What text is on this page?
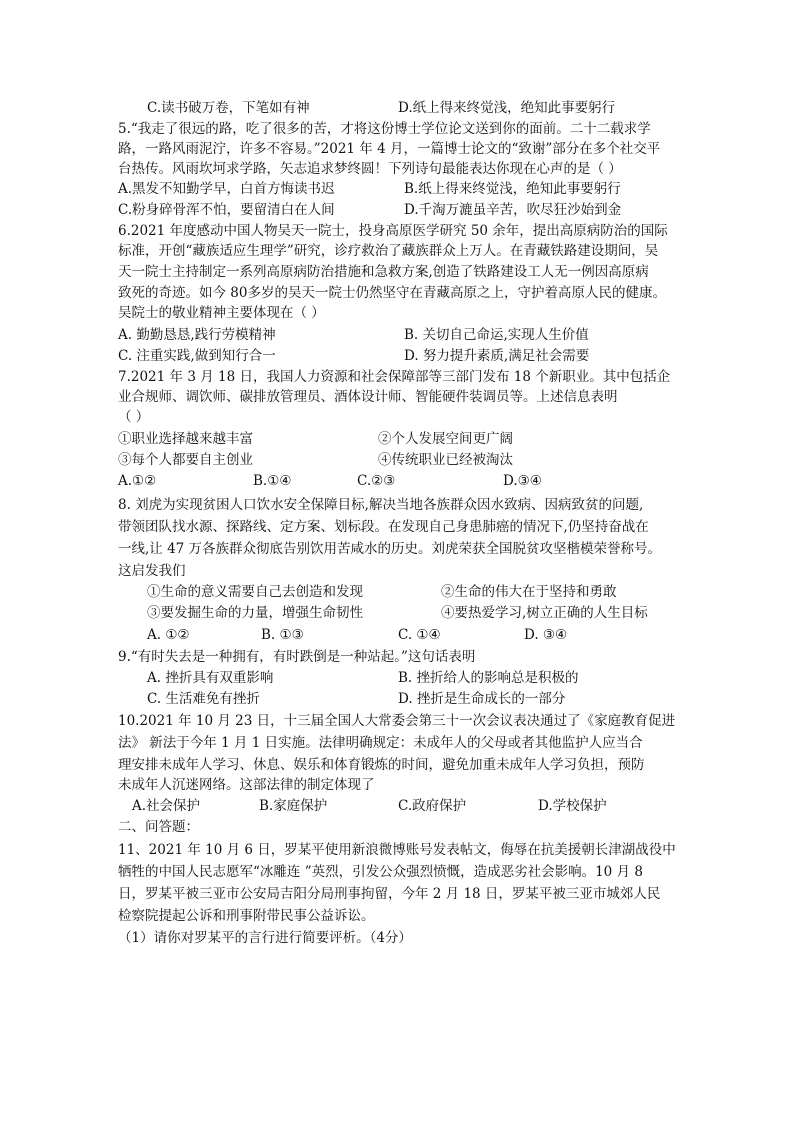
C.读书破万卷，下笔如有神	D.纸上得来终觉浅，绝知此事要躬行
5.“我走了很远的路，吃了很多的苦，才将这份博士学位论文送到你的面前。二十二载求学
路，一路风雨泥泞，许多不容易。”2021 年 4 月，一篇博士论文的“致谢”部分在多个社交平
台热传。风雨坎坷求学路，矢志追求梦终圆！下列诗句最能表达你现在心声的是（ ）
A.黑发不知勤学早，白首方悔读书迟	B.纸上得来终觉浅，绝知此事要躬行
C.粉身碎骨浑不怕，要留清白在人间	D.千淘万漉虽辛苦，吹尽狂沙始到金
6.2021 年度感动中国人物吴天一院士，投身高原医学研究 50 余年，提出高原病防治的国际
标准，开创“藏族适应生理学”研究，诊疗救治了藏族群众上万人。在青藏铁路建设期间，吴
天一院士主持制定一系列高原病防治措施和急救方案,创造了铁路建设工人无一例因高原病
致死的奇迹。如今 80多岁的吴天一院士仍然坚守在青藏高原之上，守护着高原人民的健康。
吴院士的敬业精神主要体现在（ ）
A. 勤勤恳恳,践行劳模精神	B. 关切自己命运,实现人生价值
C. 注重实践,做到知行合一	D. 努力提升素质,满足社会需要
7.2021 年 3 月 18 日，我国人力资源和社会保障部等三部门发布 18 个新职业。其中包括企
业合规师、调饮师、碳排放管理员、酒体设计师、智能硬件装调员等。上述信息表明
（ ）
①职业选择越来越丰富	②个人发展空间更广阔
③每个人都要自主创业	④传统职业已经被淘汰
A.①②	B.①④	C.②③	D.③④
8. 刘虎为实现贫困人口饮水安全保障目标,解决当地各族群众因水致病、因病致贫的问题,
带领团队找水源、探路线、定方案、划标段。在发现自己身患肺癌的情况下,仍坚持奋战在
一线,让 47 万各族群众彻底告别饮用苦咸水的历史。刘虎荣获全国脱贫攻坚楷模荣誉称号。
这启发我们
①生命的意义需要自己去创造和发现	②生命的伟大在于坚持和勇敢
③要发掘生命的力量，增强生命韧性	④要热爱学习,树立正确的人生目标
A. ①②	B. ①③	C. ①④	D. ③④
9.“有时失去是一种拥有，有时跌倒是一种站起。”这句话表明
A. 挫折具有双重影响	B. 挫折给人的影响总是积极的
C. 生活难免有挫折	D. 挫折是生命成长的一部分
10.2021 年 10 月 23 日，十三届全国人大常委会第三十一次会议表决通过了《家庭教育促进
法》 新法于今年 1 月 1 日实施。法律明确规定：未成年人的父母或者其他监护人应当合
理安排未成年人学习、休息、娱乐和体育锻炼的时间，避免加重未成年人学习负担，预防
未成年人沉迷网络。这部法律的制定体现了
A.社会保护	B.家庭保护	C.政府保护	D.学校保护
二、问答题：
11、2021 年 10 月 6 日，罗某平使用新浪微博账号发表帖文，侮辱在抗美援朝长津湖战役中
牺牲的中国人民志愿军“冰雕连 ”英烈，引发公众强烈愤慨，造成恶劣社会影响。10 月 8
日，罗某平被三亚市公安局吉阳分局刑事拘留，今年 2 月 18 日，罗某平被三亚市城郊人民
检察院提起公诉和刑事附带民事公益诉讼。
（1）请你对罗某平的言行进行简要评析。（4分）
